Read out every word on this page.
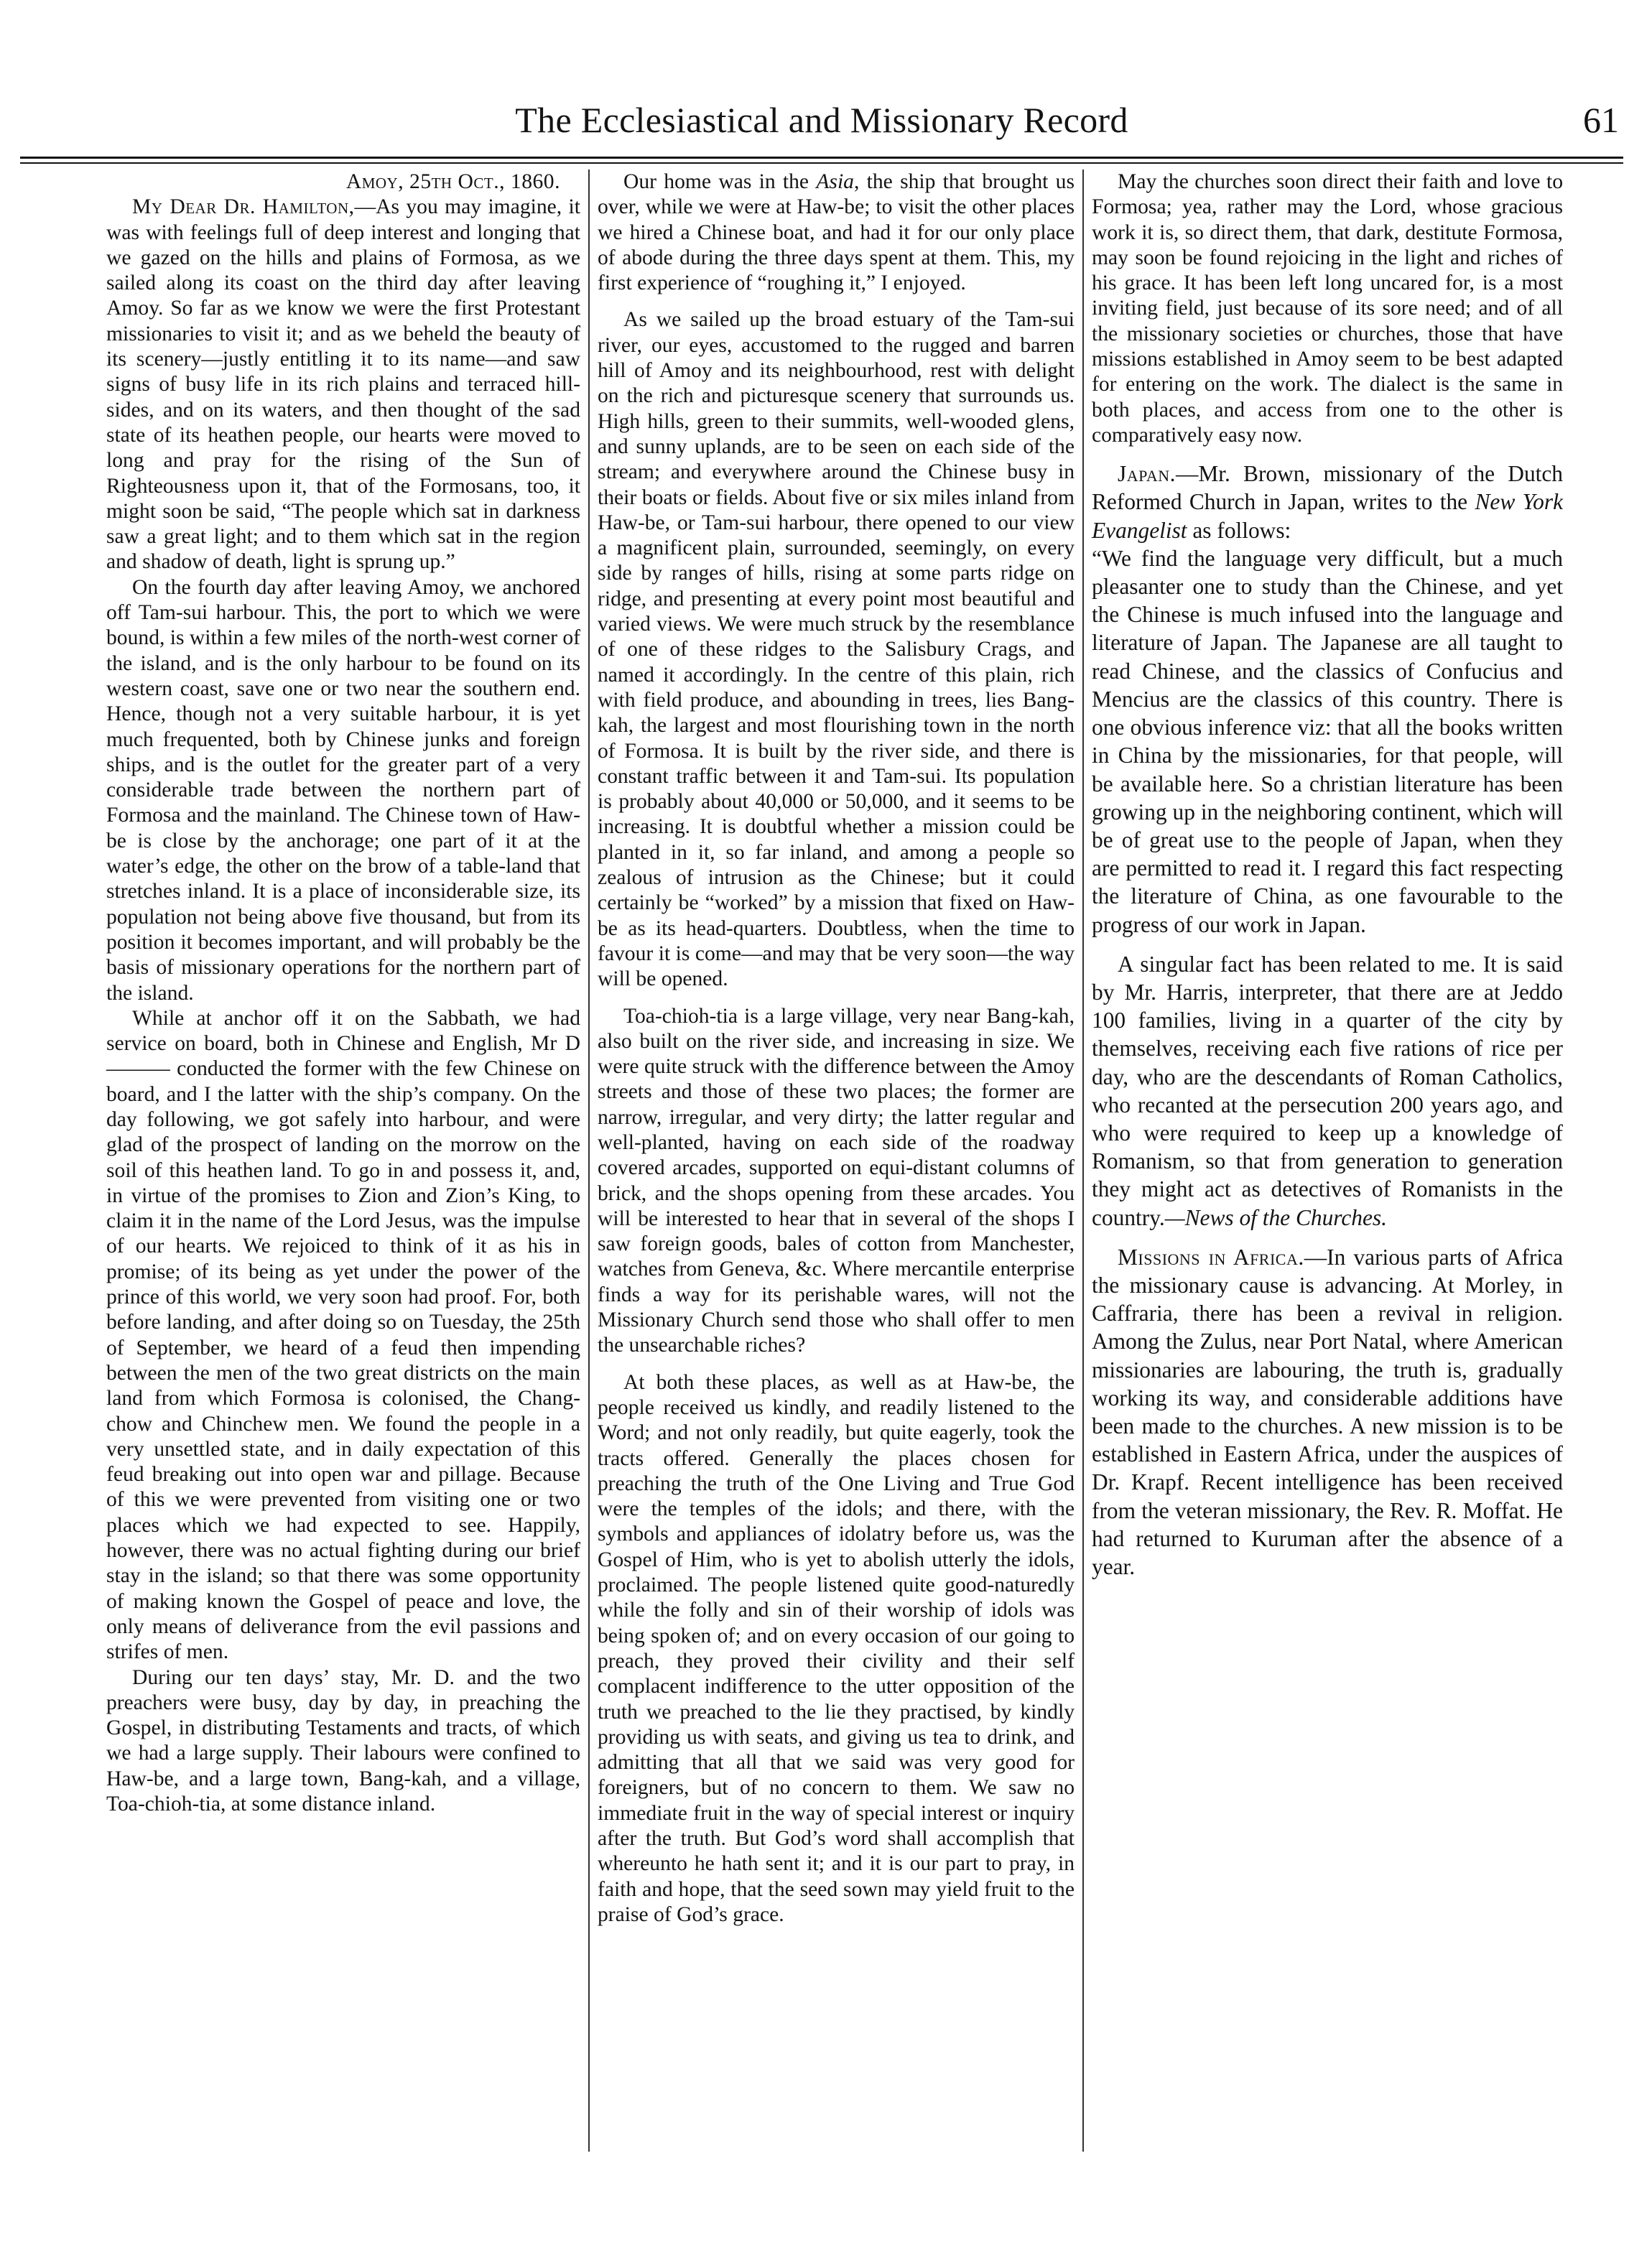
The Ecclesiastical and Missionary Record	61
Amoy, 25th Oct., 1860.

My Dear Dr. Hamilton,—As you may imagine, it was with feelings full of deep interest and longing that we gazed on the hills and plains of Formosa, as we sailed along its coast on the third day after leaving Amoy. So far as we know we were the first Protestant missionaries to visit it; and as we beheld the beauty of its scenery—justly entitling it to its name—and saw signs of busy life in its rich plains and terraced hill-sides, and on its waters, and then thought of the sad state of its heathen people, our hearts were moved to long and pray for the rising of the Sun of Righteousness upon it, that of the Formosans, too, it might soon be said, “The people which sat in darkness saw a great light; and to them which sat in the region and shadow of death, light is sprung up.”

On the fourth day after leaving Amoy, we anchored off Tam-sui harbour. This, the port to which we were bound, is within a few miles of the north-west corner of the island, and is the only harbour to be found on its western coast, save one or two near the southern end. Hence, though not a very suitable harbour, it is yet much frequented, both by Chinese junks and foreign ships, and is the outlet for the greater part of a very considerable trade between the northern part of Formosa and the mainland. The Chinese town of Haw-be is close by the anchorage; one part of it at the water’s edge, the other on the brow of a table-land that stretches inland. It is a place of inconsiderable size, its population not being above five thousand, but from its position it becomes important, and will probably be the basis of missionary operations for the northern part of the island.

While at anchor off it on the Sabbath, we had service on board, both in Chinese and English, Mr D——— conducted the former with the few Chinese on board, and I the latter with the ship’s company. On the day following, we got safely into harbour, and were glad of the prospect of landing on the morrow on the soil of this heathen land. To go in and possess it, and, in virtue of the promises to Zion and Zion’s King, to claim it in the name of the Lord Jesus, was the impulse of our hearts. We rejoiced to think of it as his in promise; of its being as yet under the power of the prince of this world, we very soon had proof. For, both before landing, and after doing so on Tuesday, the 25th of September, we heard of a feud then impending between the men of the two great districts on the main land from which Formosa is colonised, the Chang-chow and Chinchew men. We found the people in a very unsettled state, and in daily expectation of this feud breaking out into open war and pillage. Because of this we were prevented from visiting one or two places which we had expected to see. Happily, however, there was no actual fighting during our brief stay in the island; so that there was some opportunity of making known the Gospel of peace and love, the only means of deliverance from the evil passions and strifes of men.

During our ten days’ stay, Mr. D. and the two preachers were busy, day by day, in preaching the Gospel, in distributing Testaments and tracts, of which we had a large supply. Their labours were confined to Haw-be, and a large town, Bang-kah, and a village, Toa-chioh-tia, at some distance inland.

Our home was in the Asia, the ship that brought us over, while we were at Haw-be; to visit the other places we hired a Chinese boat, and had it for our only place of abode during the three days spent at them. This, my first experience of “roughing it,” I enjoyed.

As we sailed up the broad estuary of the Tam-sui river, our eyes, accustomed to the rugged and barren hill of Amoy and its neighbourhood, rest with delight on the rich and picturesque scenery that surrounds us. High hills, green to their summits, well-wooded glens, and sunny uplands, are to be seen on each side of the stream; and everywhere around the Chinese busy in their boats or fields. About five or six miles inland from Haw-be, or Tam-sui harbour, there opened to our view a magnificent plain, surrounded, seemingly, on every side by ranges of hills, rising at some parts ridge on ridge, and presenting at every point most beautiful and varied views. We were much struck by the resemblance of one of these ridges to the Salisbury Crags, and named it accordingly. In the centre of this plain, rich with field produce, and abounding in trees, lies Bang-kah, the largest and most flourishing town in the north of Formosa. It is built by the river side, and there is constant traffic between it and Tam-sui. Its population is probably about 40,000 or 50,000, and it seems to be increasing. It is doubtful whether a mission could be planted in it, so far inland, and among a people so zealous of intrusion as the Chinese; but it could certainly be “worked” by a mission that fixed on Haw-be as its head-quarters. Doubtless, when the time to favour it is come—and may that be very soon—the way will be opened.

Toa-chioh-tia is a large village, very near Bang-kah, also built on the river side, and increasing in size. We were quite struck with the difference between the Amoy streets and those of these two places; the former are narrow, irregular, and very dirty; the latter regular and well-planted, having on each side of the roadway covered arcades, supported on equi-distant columns of brick, and the shops opening from these arcades. You will be interested to hear that in several of the shops I saw foreign goods, bales of cotton from Manchester, watches from Geneva, &c. Where mercantile enterprise finds a way for its perishable wares, will not the Missionary Church send those who shall offer to men the unsearchable riches?

At both these places, as well as at Haw-be, the people received us kindly, and readily listened to the Word; and not only readily, but quite eagerly, took the tracts offered. Generally the places chosen for preaching the truth of the One Living and True God were the temples of the idols; and there, with the symbols and appliances of idolatry before us, was the Gospel of Him, who is yet to abolish utterly the idols, proclaimed. The people listened quite good-naturedly while the folly and sin of their worship of idols was being spoken of; and on every occasion of our going to preach, they proved their civility and their self complacent indifference to the utter opposition of the truth we preached to the lie they practised, by kindly providing us with seats, and giving us tea to drink, and admitting that all that we said was very good for foreigners, but of no concern to them. We saw no immediate fruit in the way of special interest or inquiry after the truth. But God’s word shall accomplish that whereunto he hath sent it; and it is our part to pray, in faith and hope, that the seed sown may yield fruit to the praise of God’s grace.

May the churches soon direct their faith and love to Formosa; yea, rather may the Lord, whose gracious work it is, so direct them, that dark, destitute Formosa, may soon be found rejoicing in the light and riches of his grace. It has been left long uncared for, is a most inviting field, just because of its sore need; and of all the missionary societies or churches, those that have missions established in Amoy seem to be best adapted for entering on the work. The dialect is the same in both places, and access from one to the other is comparatively easy now.

Japan.—Mr. Brown, missionary of the Dutch Reformed Church in Japan, writes to the New York Evangelist as follows:

“We find the language very difficult, but a much pleasanter one to study than the Chinese, and yet the Chinese is much infused into the language and literature of Japan. The Japanese are all taught to read Chinese, and the classics of Confucius and Mencius are the classics of this country. There is one obvious inference viz: that all the books written in China by the missionaries, for that people, will be available here. So a christian literature has been growing up in the neighboring continent, which will be of great use to the people of Japan, when they are permitted to read it. I regard this fact respecting the literature of China, as one favourable to the progress of our work in Japan.

A singular fact has been related to me. It is said by Mr. Harris, interpreter, that there are at Jeddo 100 families, living in a quarter of the city by themselves, receiving each five rations of rice per day, who are the descendants of Roman Catholics, who recanted at the persecution 200 years ago, and who were required to keep up a knowledge of Romanism, so that from generation to generation they might act as detectives of Romanists in the country.—News of the Churches.

Missions in Africa.—In various parts of Africa the missionary cause is advancing. At Morley, in Caffraria, there has been a revival in religion. Among the Zulus, near Port Natal, where American missionaries are labouring, the truth is, gradually working its way, and considerable additions have been made to the churches. A new mission is to be established in Eastern Africa, under the auspices of Dr. Krapf. Recent intelligence has been received from the veteran missionary, the Rev. R. Moffat. He had returned to Kuruman after the absence of a year.
